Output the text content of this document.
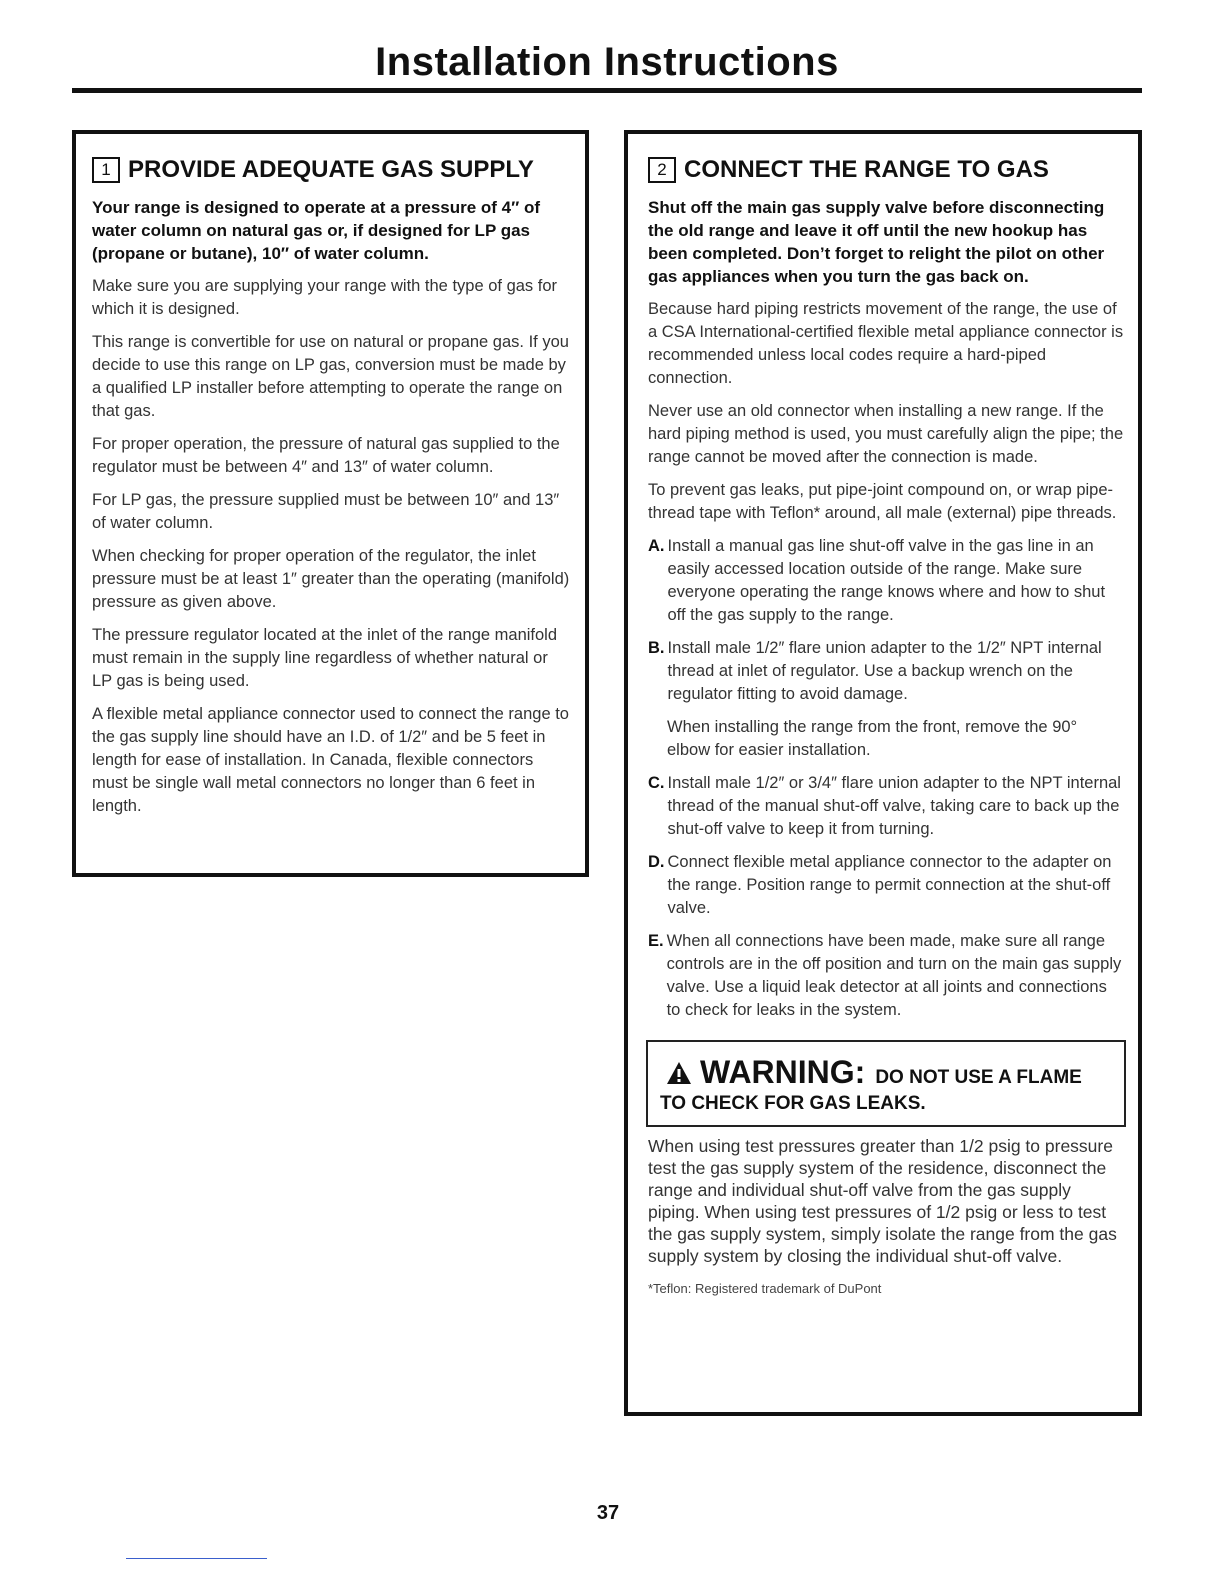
Installation Instructions
1 PROVIDE ADEQUATE GAS SUPPLY

Your range is designed to operate at a pressure of 4″ of water column on natural gas or, if designed for LP gas (propane or butane), 10″ of water column.

Make sure you are supplying your range with the type of gas for which it is designed.

This range is convertible for use on natural or propane gas. If you decide to use this range on LP gas, conversion must be made by a qualified LP installer before attempting to operate the range on that gas.

For proper operation, the pressure of natural gas supplied to the regulator must be between 4″ and 13″ of water column.

For LP gas, the pressure supplied must be between 10″ and 13″ of water column.

When checking for proper operation of the regulator, the inlet pressure must be at least 1″ greater than the operating (manifold) pressure as given above.

The pressure regulator located at the inlet of the range manifold must remain in the supply line regardless of whether natural or LP gas is being used.

A flexible metal appliance connector used to connect the range to the gas supply line should have an I.D. of 1/2″ and be 5 feet in length for ease of installation. In Canada, flexible connectors must be single wall metal connectors no longer than 6 feet in length.

2 CONNECT THE RANGE TO GAS

Shut off the main gas supply valve before disconnecting the old range and leave it off until the new hookup has been completed. Don’t forget to relight the pilot on other gas appliances when you turn the gas back on.

Because hard piping restricts movement of the range, the use of a CSA International-certified flexible metal appliance connector is recommended unless local codes require a hard-piped connection.

Never use an old connector when installing a new range. If the hard piping method is used, you must carefully align the pipe; the range cannot be moved after the connection is made.

To prevent gas leaks, put pipe-joint compound on, or wrap pipe-thread tape with Teflon* around, all male (external) pipe threads.

A. Install a manual gas line shut-off valve in the gas line in an easily accessed location outside of the range. Make sure everyone operating the range knows where and how to shut off the gas supply to the range.
B. Install male 1/2″ flare union adapter to the 1/2″ NPT internal thread at inlet of regulator. Use a backup wrench on the regulator fitting to avoid damage.

When installing the range from the front, remove the 90° elbow for easier installation.

C. Install male 1/2″ or 3/4″ flare union adapter to the NPT internal thread of the manual shut-off valve, taking care to back up the shut-off valve to keep it from turning.
D. Connect flexible metal appliance connector to the adapter on the range. Position range to permit connection at the shut-off valve.
E. When all connections have been made, make sure all range controls are in the off position and turn on the main gas supply valve. Use a liquid leak detector at all joints and connections to check for leaks in the system.
WARNING: DO NOT USE A FLAME
TO CHECK FOR GAS LEAKS.

When using test pressures greater than 1/2 psig to pressure test the gas supply system of the residence, disconnect the range and individual shut-off valve from the gas supply piping. When using test pressures of 1/2 psig or less to test the gas supply system, simply isolate the range from the gas supply system by closing the individual shut-off valve.

*Teflon: Registered trademark of DuPont

37
